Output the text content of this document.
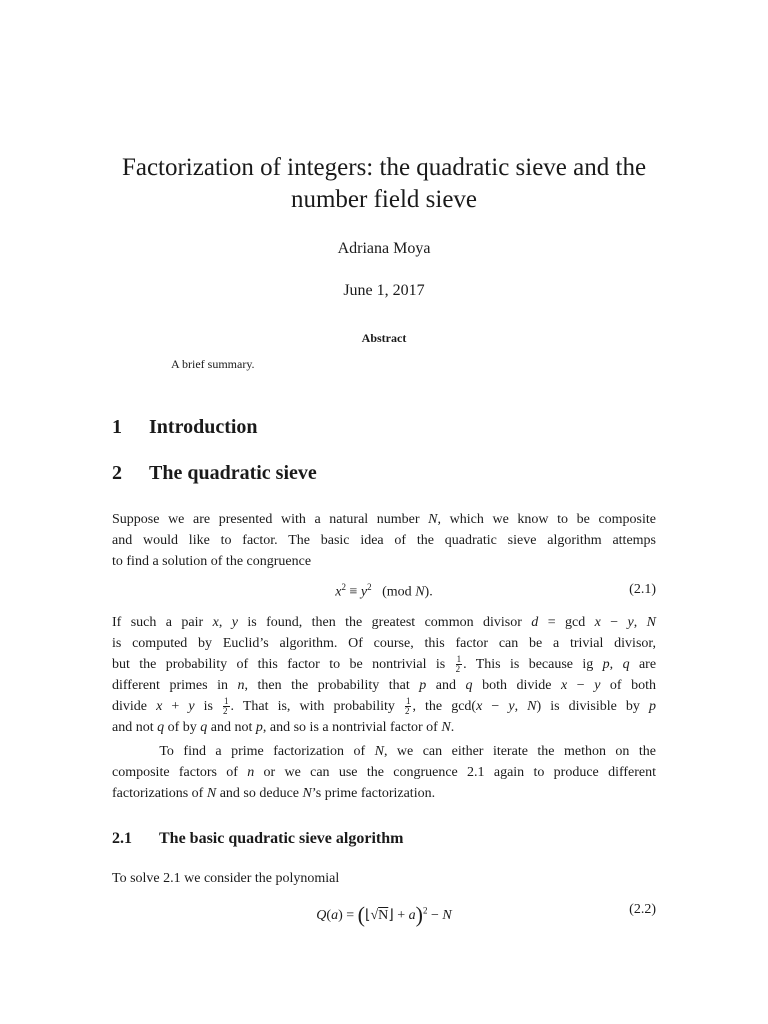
Factorization of integers: the quadratic sieve and the number field sieve
Adriana Moya
June 1, 2017
Abstract
A brief summary.
1 Introduction
2 The quadratic sieve
Suppose we are presented with a natural number N, which we know to be composite
and would like to factor. The basic idea of the quadratic sieve algorithm attemps
to find a solution of the congruence
$x^2 \equiv y^2$   (mod N).	(2.1)
If such a pair x, y is found, then the greatest common divisor d = gcd x − y, N
is computed by Euclid’s algorithm. Of course, this factor can be a trivial divisor,
but the probability of this factor to be nontrivial is $\frac{1}{2}$ . This is because ig p, q are
different primes in n, then the probability that p and q both divide x − y of both
divide x + y is $\frac{1}{2}$ . That is, with probability $\frac{1}{2}$ , the gcd(x − y, N) is divisible by p
and not q of by q and not p, and so is a nontrivial factor of N.
To find a prime factorization of N, we can either iterate the methon on the
composite factors of n or we can use the congruence 2.1 again to produce different
factorizations of N and so deduce N’s prime factorization.
2.1 The basic quadratic sieve algorithm
To solve 2.1 we consider the polynomial
Q(a) = (⌊√N⌋ + a)$^2$ − N	(2.2)
